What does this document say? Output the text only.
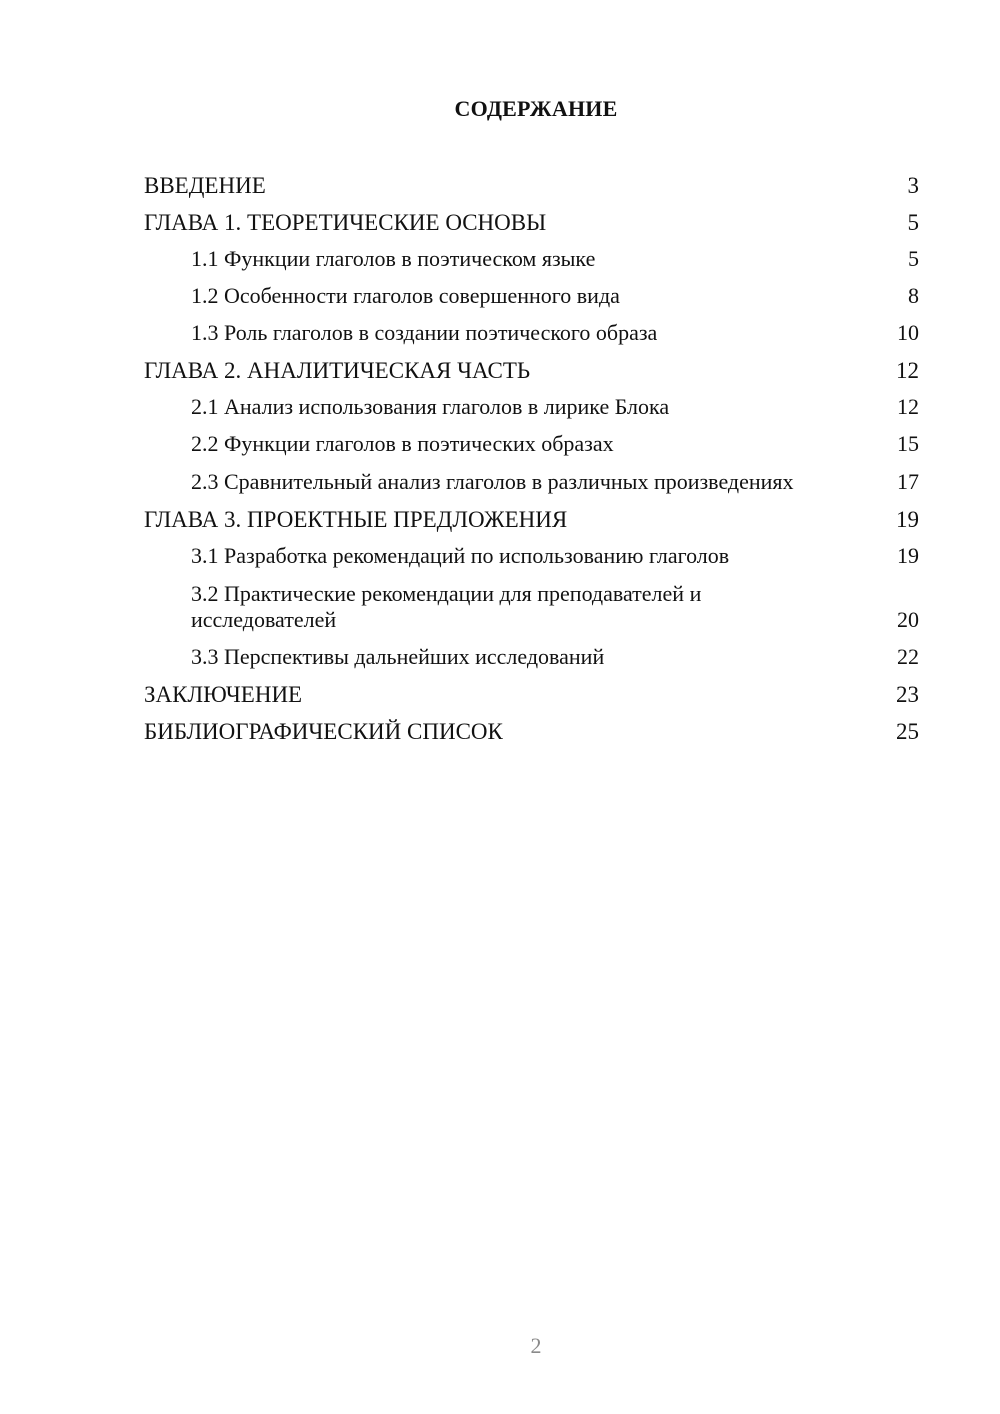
СОДЕРЖАНИЕ
ВВЕДЕНИЕ	3
ГЛАВА 1. ТЕОРЕТИЧЕСКИЕ ОСНОВЫ	5
1.1 Функции глаголов в поэтическом языке	5
1.2 Особенности глаголов совершенного вида	8
1.3 Роль глаголов в создании поэтического образа	10
ГЛАВА 2. АНАЛИТИЧЕСКАЯ ЧАСТЬ	12
2.1 Анализ использования глаголов в лирике Блока	12
2.2 Функции глаголов в поэтических образах	15
2.3 Сравнительный анализ глаголов в различных произведениях	17
ГЛАВА 3. ПРОЕКТНЫЕ ПРЕДЛОЖЕНИЯ	19
3.1 Разработка рекомендаций по использованию глаголов	19
3.2 Практические рекомендации для преподавателей и исследователей	20
3.3 Перспективы дальнейших исследований	22
ЗАКЛЮЧЕНИЕ	23
БИБЛИОГРАФИЧЕСКИЙ СПИСОК	25
2
